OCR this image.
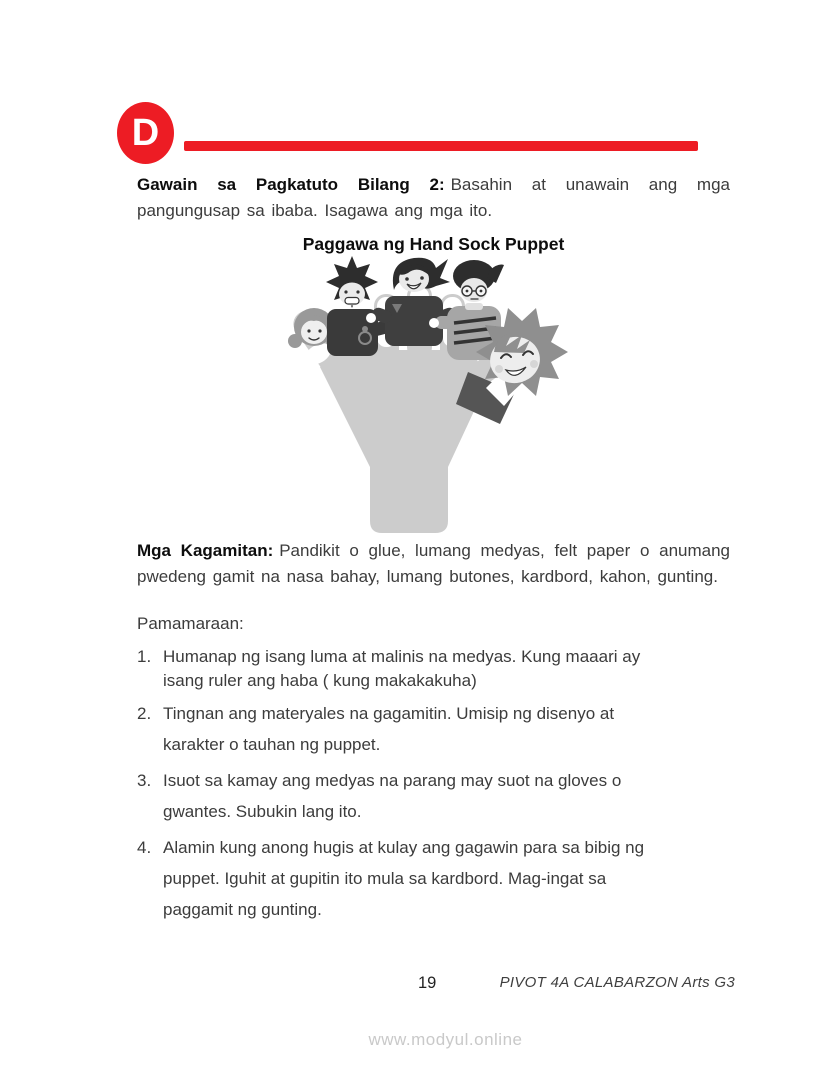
D

Gawain sa Pagkatuto Bilang 2: Basahin at unawain ang mga pangungusap sa ibaba. Isagawa ang mga ito.

Paggawa ng Hand Sock Puppet

Mga Kagamitan: Pandikit o glue, lumang medyas, felt paper o anumang pwedeng gamit na nasa bahay, lumang butones, kardbord, kahon, gunting.

Pamamaraan:
1. Humanap ng isang luma at malinis na medyas. Kung maaari ay
isang ruler ang haba ( kung makakakuha)
2. Tingnan ang materyales na gagamitin. Umisip ng disenyo at
karakter o tauhan ng puppet.
3. Isuot sa kamay ang medyas na parang may suot na gloves o
gwantes. Subukin lang ito.
4. Alamin kung anong hugis at kulay ang gagawin para sa bibig ng
puppet. Iguhit at gupitin ito mula sa kardbord. Mag-ingat sa
paggamit ng gunting.
19	PIVOT 4A CALABARZON Arts G3
www.modyul.online
